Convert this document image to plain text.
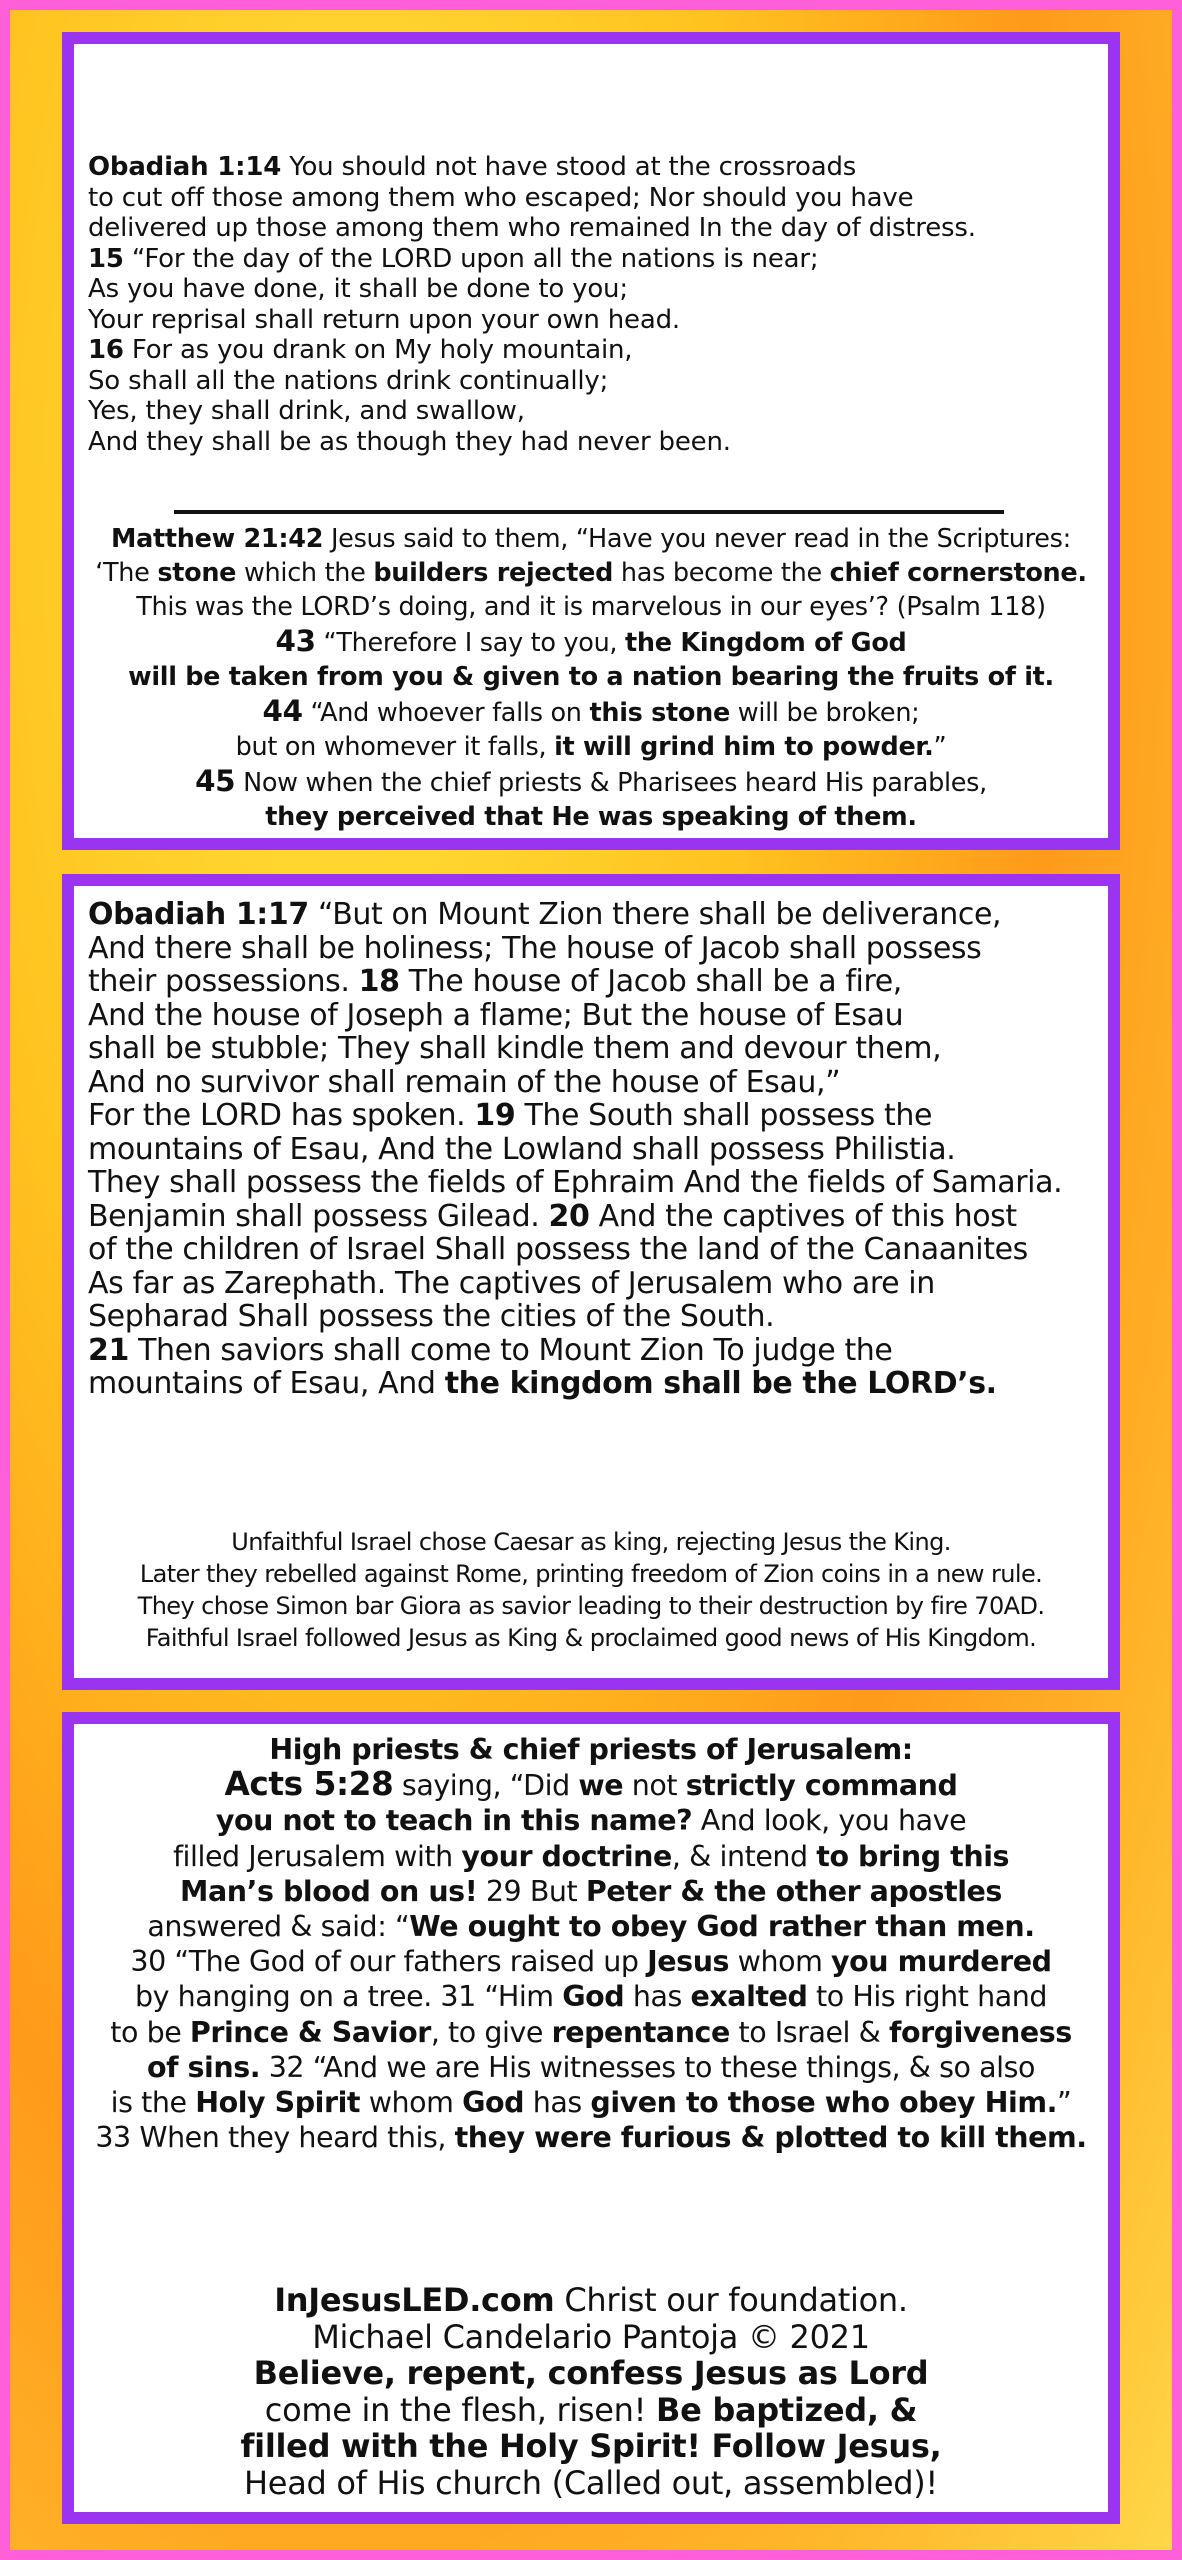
Obadiah 1:14 You should not have stood at the crossroads
to cut off those among them who escaped; Nor should you have
delivered up those among them who remained In the day of distress.
15 “For the day of the LORD upon all the nations is near;
As you have done, it shall be done to you;
Your reprisal shall return upon your own head.
16 For as you drank on My holy mountain,
So shall all the nations drink continually;
Yes, they shall drink, and swallow,
And they shall be as though they had never been.
Matthew 21:42 Jesus said to them, “Have you never read in the Scriptures:
‘The stone which the builders rejected has become the chief cornerstone.
This was the LORD’s doing, and it is marvelous in our eyes’? (Psalm 118)
43 “Therefore I say to you, the Kingdom of God
will be taken from you & given to a nation bearing the fruits of it.
44 “And whoever falls on this stone will be broken;
but on whomever it falls, it will grind him to powder.”
45 Now when the chief priests & Pharisees heard His parables,
they perceived that He was speaking of them.
Obadiah 1:17 “But on Mount Zion there shall be deliverance,
And there shall be holiness; The house of Jacob shall possess
their possessions. 18 The house of Jacob shall be a fire,
And the house of Joseph a flame; But the house of Esau
shall be stubble; They shall kindle them and devour them,
And no survivor shall remain of the house of Esau,”
For the LORD has spoken. 19 The South shall possess the
mountains of Esau, And the Lowland shall possess Philistia.
They shall possess the fields of Ephraim And the fields of Samaria.
Benjamin shall possess Gilead. 20 And the captives of this host
of the children of Israel Shall possess the land of the Canaanites
As far as Zarephath. The captives of Jerusalem who are in
Sepharad Shall possess the cities of the South.
21 Then saviors shall come to Mount Zion To judge the
mountains of Esau, And the kingdom shall be the LORD’s.
Unfaithful Israel chose Caesar as king, rejecting Jesus the King.
Later they rebelled against Rome, printing freedom of Zion coins in a new rule.
They chose Simon bar Giora as savior leading to their destruction by fire 70AD.
Faithful Israel followed Jesus as King & proclaimed good news of His Kingdom.
High priests & chief priests of Jerusalem:
Acts 5:28 saying, “Did we not strictly command
you not to teach in this name? And look, you have
filled Jerusalem with your doctrine, & intend to bring this
Man’s blood on us! 29 But Peter & the other apostles
answered & said: “We ought to obey God rather than men.
30 “The God of our fathers raised up Jesus whom you murdered
by hanging on a tree. 31 “Him God has exalted to His right hand
to be Prince & Savior, to give repentance to Israel & forgiveness
of sins. 32 “And we are His witnesses to these things, & so also
is the Holy Spirit whom God has given to those who obey Him.”
33 When they heard this, they were furious & plotted to kill them.
InJesusLED.com Christ our foundation.
Michael Candelario Pantoja © 2021
Believe, repent, confess Jesus as Lord
come in the flesh, risen! Be baptized, &
filled with the Holy Spirit! Follow Jesus,
Head of His church (Called out, assembled)!
